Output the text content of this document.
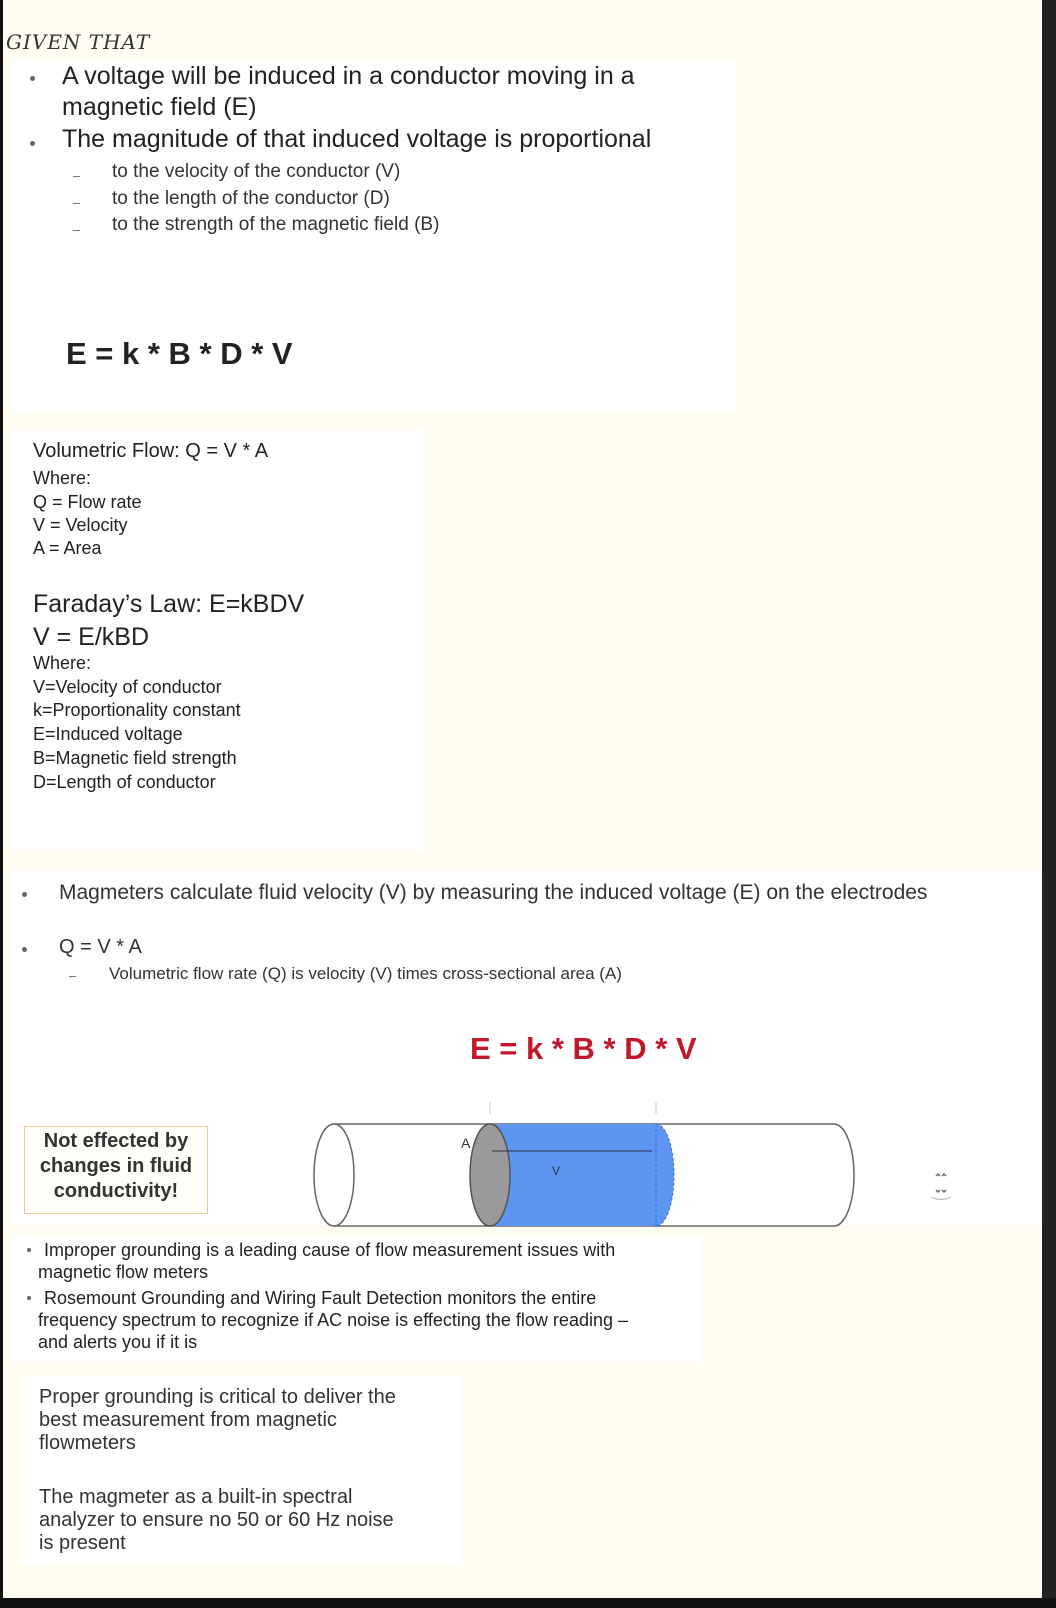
GIVEN THAT
A voltage will be induced in a conductor moving in a
magnetic field (E)
The magnitude of that induced voltage is proportional
to the velocity of the conductor (V)
to the length of the conductor (D)
to the strength of the magnetic field (B)
E = k * B * D * V
Volumetric Flow: Q = V * A
Where:
Q = Flow rate
V = Velocity
A = Area
Faraday’s Law: E=kBDV
V = E/kBD
Where:
V=Velocity of conductor
k=Proportionality constant
E=Induced voltage
B=Magnetic field strength
D=Length of conductor
Magmeters calculate fluid velocity (V) by measuring the induced voltage (E) on the electrodes
Q = V * A
Volumetric flow rate (Q) is velocity (V) times cross-sectional area (A)
E = k * B * D * V
Not effected by
changes in fluid
conductivity!
A
V
Improper grounding is a leading cause of flow measurement issues with
magnetic flow meters
Rosemount Grounding and Wiring Fault Detection monitors the entire
frequency spectrum to recognize if AC noise is effecting the flow reading –
and alerts you if it is
Proper grounding is critical to deliver the
best measurement from magnetic
flowmeters
The magmeter as a built-in spectral
analyzer to ensure no 50 or 60 Hz noise
is present
